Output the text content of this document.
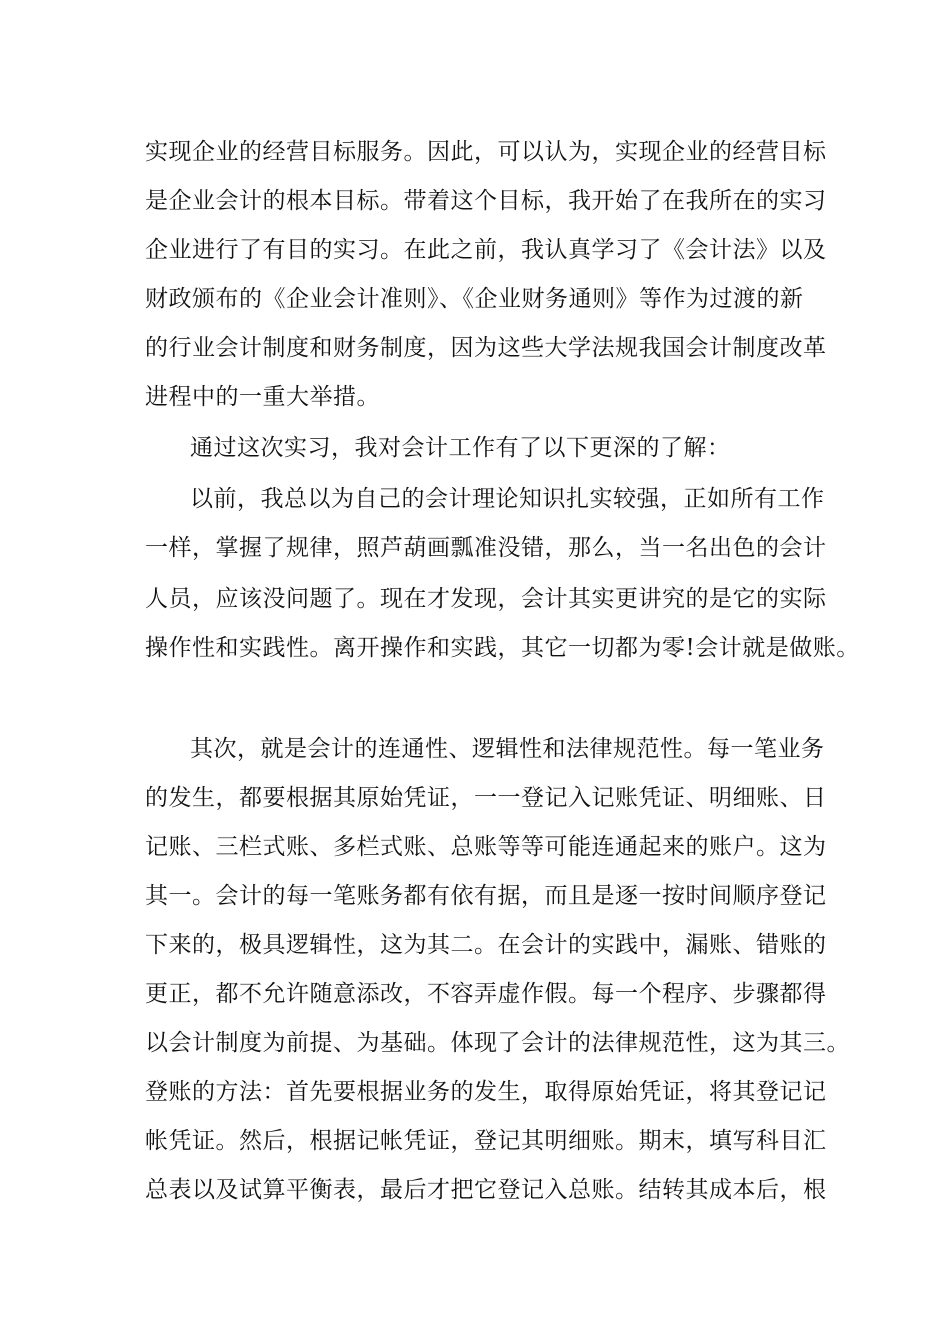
实现企业的经营目标服务。因此，可以认为，实现企业的经营目标
是企业会计的根本目标。带着这个目标，我开始了在我所在的实习
企业进行了有目的实习。在此之前，我认真学习了《会计法》以及
财政颁布的《企业会计准则》、《企业财务通则》等作为过渡的新
的行业会计制度和财务制度，因为这些大学法规我国会计制度改革
进程中的一重大举措。
通过这次实习，我对会计工作有了以下更深的了解：
以前，我总以为自己的会计理论知识扎实较强，正如所有工作
一样，掌握了规律，照芦葫画瓢准没错，那么，当一名出色的会计
人员，应该没问题了。现在才发现，会计其实更讲究的是它的实际
操作性和实践性。离开操作和实践，其它一切都为零!会计就是做账。
其次，就是会计的连通性、逻辑性和法律规范性。每一笔业务
的发生，都要根据其原始凭证，一一登记入记账凭证、明细账、日
记账、三栏式账、多栏式账、总账等等可能连通起来的账户。这为
其一。会计的每一笔账务都有依有据，而且是逐一按时间顺序登记
下来的，极具逻辑性，这为其二。在会计的实践中，漏账、错账的
更正，都不允许随意添改，不容弄虚作假。每一个程序、步骤都得
以会计制度为前提、为基础。体现了会计的法律规范性，这为其三。
登账的方法：首先要根据业务的发生，取得原始凭证，将其登记记
帐凭证。然后，根据记帐凭证，登记其明细账。期末，填写科目汇
总表以及试算平衡表，最后才把它登记入总账。结转其成本后，根
